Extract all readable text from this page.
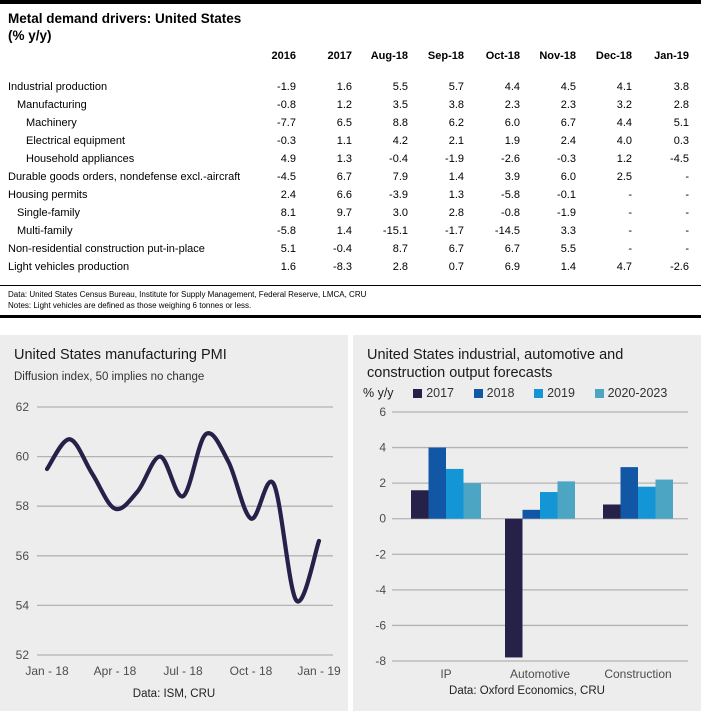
Metal demand drivers: United States
(% y/y)
	2016	2017	Aug-18	Sep-18	Oct-18	Nov-18	Dec-18	Jan-19
Industrial production	-1.9	1.6	5.5	5.7	4.4	4.5	4.1	3.8
Manufacturing	-0.8	1.2	3.5	3.8	2.3	2.3	3.2	2.8
Machinery	-7.7	6.5	8.8	6.2	6.0	6.7	4.4	5.1
Electrical equipment	-0.3	1.1	4.2	2.1	1.9	2.4	4.0	0.3
Household appliances	4.9	1.3	-0.4	-1.9	-2.6	-0.3	1.2	-4.5
Durable goods orders, nondefense excl.-aircraft	-4.5	6.7	7.9	1.4	3.9	6.0	2.5	-
Housing permits	2.4	6.6	-3.9	1.3	-5.8	-0.1	-	-
Single-family	8.1	9.7	3.0	2.8	-0.8	-1.9	-	-
Multi-family	-5.8	1.4	-15.1	-1.7	-14.5	3.3	-	-
Non-residential construction put-in-place	5.1	-0.4	8.7	6.7	6.7	5.5	-	-
Light vehicles production	1.6	-8.3	2.8	0.7	6.9	1.4	4.7	-2.6
Data: United States Census Bureau, Institute for Supply Management, Federal Reserve, LMCA, CRU
Notes: Light vehicles are defined as those weighing 6 tonnes or less.
United States manufacturing PMI
Diffusion index, 50 implies no change
62
60
58
56
54
52
Jan - 18 Apr - 18 Jul - 18 Oct - 18 Jan - 19
Data: ISM, CRU
United States industrial, automotive and construction output forecasts
% y/y	2017	2018	2019	2020-2023
6
4
2
0
-2
-4
-6
-8
IP	Automotive	Construction
Data: Oxford Economics, CRU
